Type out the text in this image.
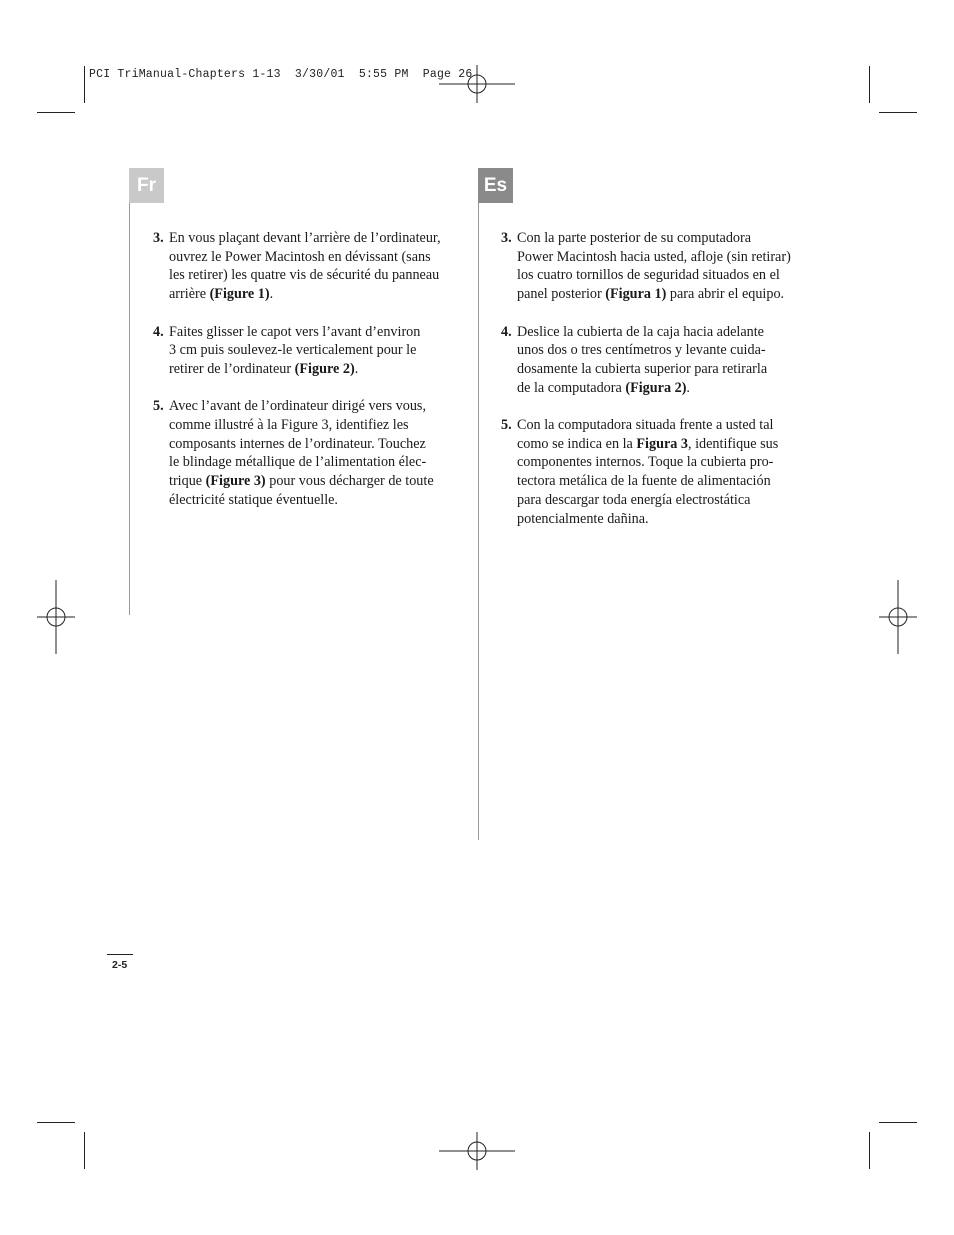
PCI TriManual-Chapters 1-13  3/30/01  5:55 PM  Page 26
Fr	Es
3. En vous plaçant devant l’arrière de l’ordinateur,
ouvrez le Power Macintosh en dévissant (sans
les retirer) les quatre vis de sécurité du panneau
arrière (Figure 1).
4. Faites glisser le capot vers l’avant d’environ
3 cm puis soulevez-le verticalement pour le
retirer de l’ordinateur (Figure 2).
5. Avec l’avant de l’ordinateur dirigé vers vous,
comme illustré à la Figure 3, identifiez les
composants internes de l’ordinateur. Touchez
le blindage métallique de l’alimentation élec-
trique (Figure 3) pour vous décharger de toute
électricité statique éventuelle.
3. Con la parte posterior de su computadora
Power Macintosh hacia usted, afloje (sin retirar)
los cuatro tornillos de seguridad situados en el
panel posterior (Figura 1) para abrir el equipo.
4. Deslice la cubierta de la caja hacia adelante
unos dos o tres centímetros y levante cuida-
dosamente la cubierta superior para retirarla
de la computadora (Figura 2).
5. Con la computadora situada frente a usted tal
como se indica en la Figura 3, identifique sus
componentes internos. Toque la cubierta pro-
tectora metálica de la fuente de alimentación
para descargar toda energía electrostática
potencialmente dañina.
2-5
